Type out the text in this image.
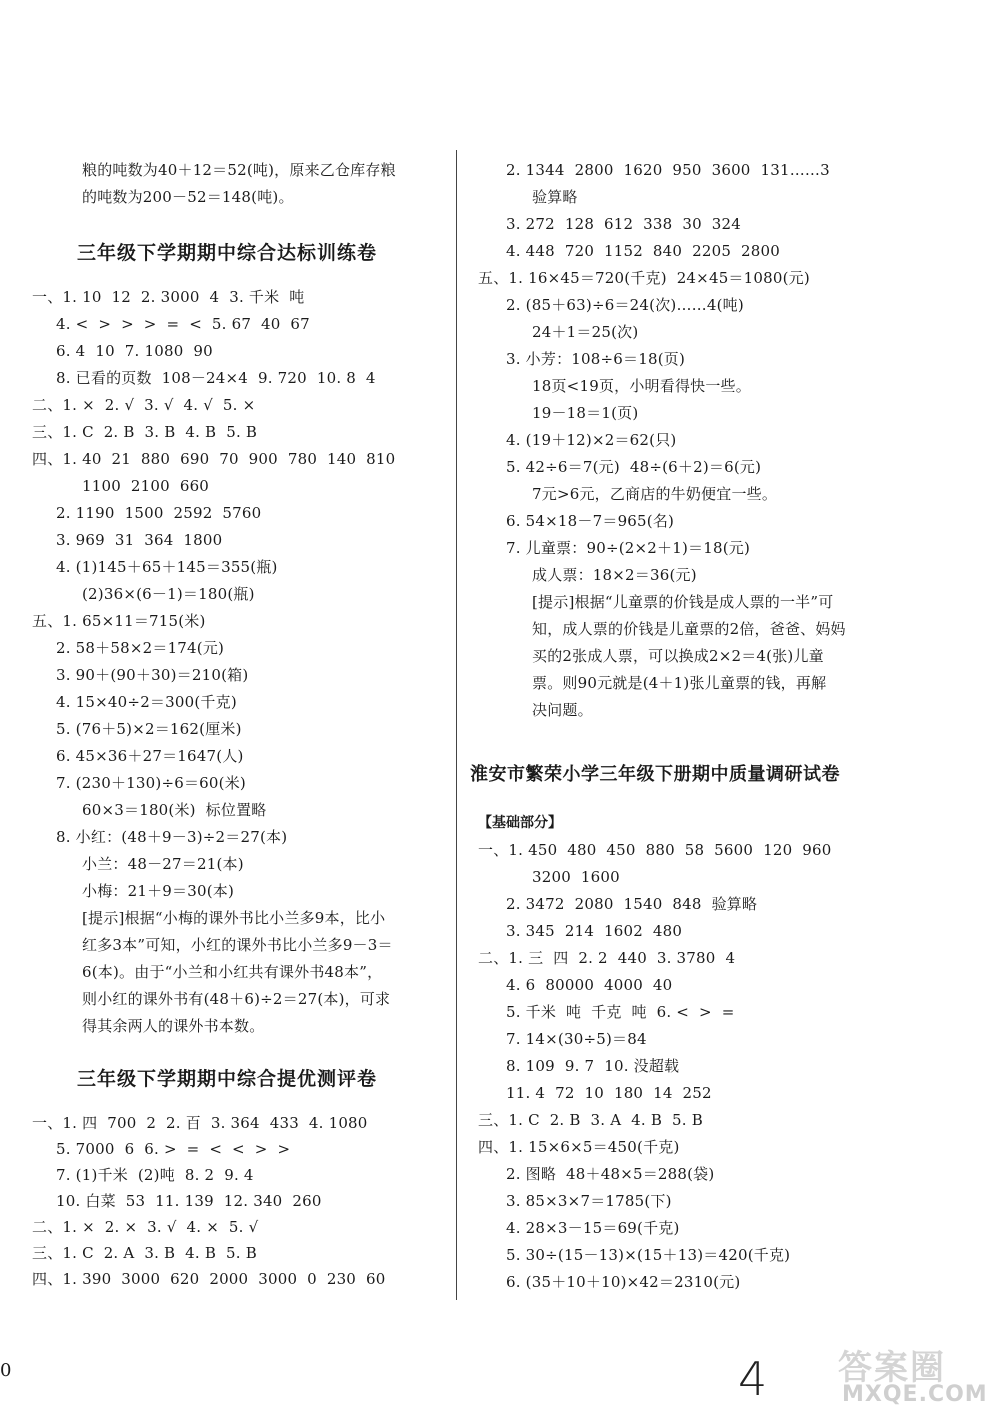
粮的吨数为40＋12＝52(吨)，原来乙仓库存粮
的吨数为200－52＝148(吨)。
三年级下学期期中综合达标训练卷
一、1. 10  12  2. 3000  4  3. 千米  吨
4. <  >  >  >  =  <  5. 67  40  67
6. 4  10  7. 1080  90
8. 已看的页数  108－24×4  9. 720  10. 8  4
二、1. ×  2. √  3. √  4. √  5. ×
三、1. C  2. B  3. B  4. B  5. B
四、1. 40  21  880  690  70  900  780  140  810
1100  2100  660
2. 1190  1500  2592  5760
3. 969  31  364  1800
4. (1)145＋65＋145＝355(瓶)
(2)36×(6－1)＝180(瓶)
五、1. 65×11＝715(米)
2. 58＋58×2＝174(元)
3. 90＋(90＋30)＝210(箱)
4. 15×40÷2＝300(千克)
5. (76＋5)×2＝162(厘米)
6. 45×36＋27＝1647(人)
7. (230＋130)÷6＝60(米)
60×3＝180(米)  标位置略
8. 小红：(48＋9－3)÷2＝27(本)
小兰：48－27＝21(本)
小梅：21＋9＝30(本)
[提示]根据“小梅的课外书比小兰多9本，比小
红多3本”可知，小红的课外书比小兰多9－3＝
6(本)。由于“小兰和小红共有课外书48本”，
则小红的课外书有(48＋6)÷2＝27(本)，可求
得其余两人的课外书本数。
三年级下学期期中综合提优测评卷
一、1. 四  700  2  2. 百  3. 364  433  4. 1080
5. 7000  6  6. >  =  <  <  >  >
7. (1)千米  (2)吨  8. 2  9. 4
10. 白菜  53  11. 139  12. 340  260
二、1. ×  2. ×  3. √  4. ×  5. √
三、1. C  2. A  3. B  4. B  5. B
四、1. 390  3000  620  2000  3000  0  230  60
2. 1344  2800  1620  950  3600  131……3
验算略
3. 272  128  612  338  30  324
4. 448  720  1152  840  2205  2800
五、1. 16×45＝720(千克)  24×45＝1080(元)
2. (85＋63)÷6＝24(次)……4(吨)
24＋1＝25(次)
3. 小芳：108÷6＝18(页)
18页<19页，小明看得快一些。
19－18＝1(页)
4. (19＋12)×2＝62(只)
5. 42÷6＝7(元)  48÷(6＋2)＝6(元)
7元>6元，乙商店的牛奶便宜一些。
6. 54×18－7＝965(名)
7. 儿童票：90÷(2×2＋1)＝18(元)
成人票：18×2＝36(元)
[提示]根据“儿童票的价钱是成人票的一半”可
知，成人票的价钱是儿童票的2倍，爸爸、妈妈
买的2张成人票，可以换成2×2＝4(张)儿童
票。则90元就是(4＋1)张儿童票的钱，再解
决问题。
淮安市繁荣小学三年级下册期中质量调研试卷
【基础部分】
一、1. 450  480  450  880  58  5600  120  960
3200  1600
2. 3472  2080  1540  848  验算略
3. 345  214  1602  480
二、1. 三  四  2. 2  440  3. 3780  4
4. 6  80000  4000  40
5. 千米  吨  千克  吨  6. <  >  =
7. 14×(30÷5)＝84
8. 109  9. 7  10. 没超载
11. 4  72  10  180  14  252
三、1. C  2. B  3. A  4. B  5. B
四、1. 15×6×5＝450(千克)
2. 图略  48＋48×5＝288(袋)
3. 85×3×7＝1785(下)
4. 28×3－15＝69(千克)
5. 30÷(15－13)×(15＋13)＝420(千克)
6. (35＋10＋10)×42＝2310(元)
0	4 答案圈
MXQE.COM
